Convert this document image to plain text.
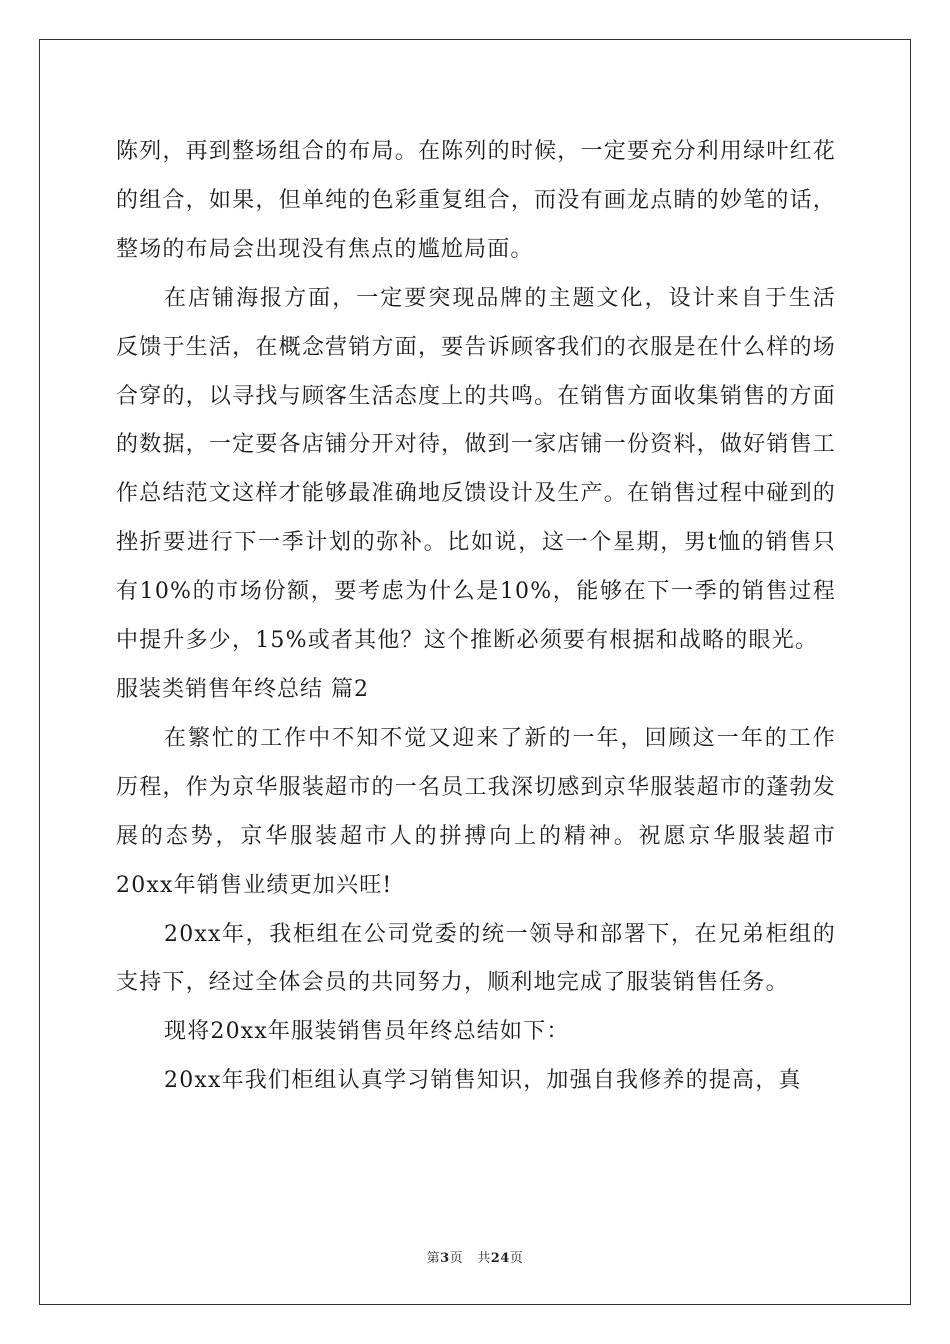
陈列，再到整场组合的布局。在陈列的时候，一定要充分利用绿叶红花的组合，如果，但单纯的色彩重复组合，而没有画龙点睛的妙笔的话，整场的布局会出现没有焦点的尴尬局面。

在店铺海报方面，一定要突现品牌的主题文化，设计来自于生活反馈于生活，在概念营销方面，要告诉顾客我们的衣服是在什么样的场合穿的，以寻找与顾客生活态度上的共鸣。在销售方面收集销售的方面的数据，一定要各店铺分开对待，做到一家店铺一份资料，做好销售工作总结范文这样才能够最准确地反馈设计及生产。在销售过程中碰到的挫折要进行下一季计划的弥补。比如说，这一个星期，男t恤的销售只有10%的市场份额，要考虑为什么是10%，能够在下一季的销售过程中提升多少，15%或者其他？这个推断必须要有根据和战略的眼光。

服装类销售年终总结 篇2

在繁忙的工作中不知不觉又迎来了新的一年，回顾这一年的工作历程，作为京华服装超市的一名员工我深切感到京华服装超市的蓬勃发展的态势，京华服装超市人的拼搏向上的精神。祝愿京华服装超市20xx年销售业绩更加兴旺!

20xx年，我柜组在公司党委的统一领导和部署下，在兄弟柜组的支持下，经过全体会员的共同努力，顺利地完成了服装销售任务。

现将20xx年服装销售员年终总结如下：

20xx年我们柜组认真学习销售知识，加强自我修养的提高，真

第3页 共24页
